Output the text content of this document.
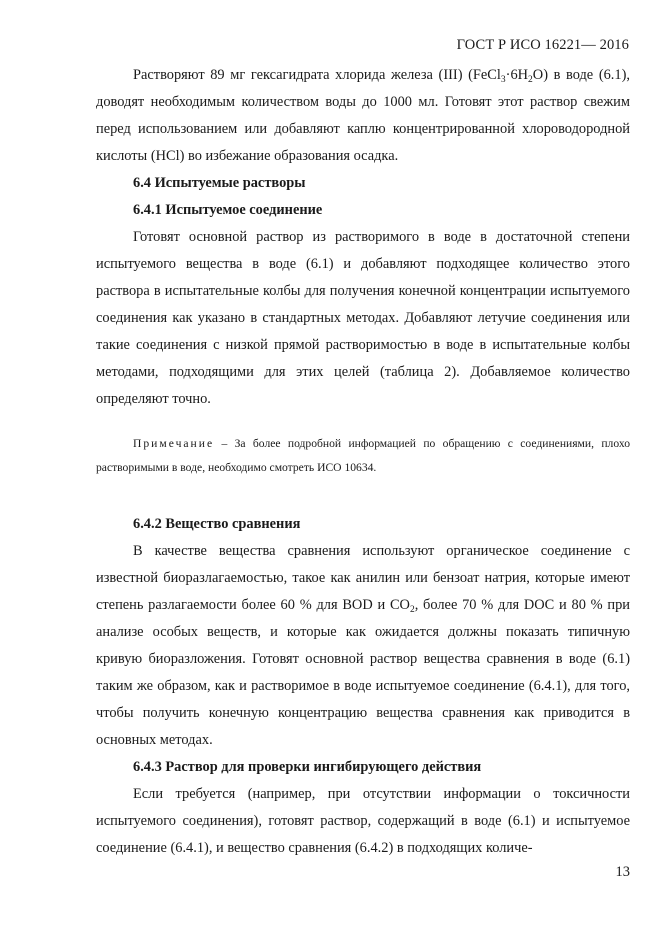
ГОСТ Р ИСО 16221— 2016

Растворяют 89 мг гексагидрата хлорида железа (III) $(FeCl_3\cdot 6H_2O)$ в воде (6.1), доводят необходимым количеством воды до 1000 мл. Готовят этот раствор свежим перед использованием или добавляют каплю концентрированной хлороводородной кислоты (HCl) во избежание образования осадка.

6.4 Испытуемые растворы

6.4.1 Испытуемое соединение

Готовят основной раствор из растворимого в воде в достаточной степени испытуемого вещества в воде (6.1) и добавляют подходящее количество этого раствора в испытательные колбы для получения конечной концентрации испытуемого соединения как указано в стандартных методах. Добавляют летучие соединения или такие соединения с низкой прямой растворимостью в воде в испытательные колбы методами, подходящими для этих целей (таблица 2). Добавляемое количество определяют точно.

Примечание – За более подробной информацией по обращению с соединениями, плохо растворимыми в воде, необходимо смотреть ИСО 10634.

6.4.2 Вещество сравнения

В качестве вещества сравнения используют органическое соединение с известной биоразлагаемостью, такое как анилин или бензоат натрия, которые имеют степень разлагаемости более 60 % для BOD и $CO_2$, более 70 % для DOC и 80 % при анализе особых веществ, и которые как ожидается должны показать типичную кривую биоразложения. Готовят основной раствор вещества сравнения в воде (6.1) таким же образом, как и растворимое в воде испытуемое соединение (6.4.1), для того, чтобы получить конечную концентрацию вещества сравнения как приводится в основных методах.

6.4.3 Раствор для проверки ингибирующего действия

Если требуется (например, при отсутствии информации о токсичности испытуемого соединения), готовят раствор, содержащий в воде (6.1) и испытуемое соединение (6.4.1), и вещество сравнения (6.4.2) в подходящих количе-

13
